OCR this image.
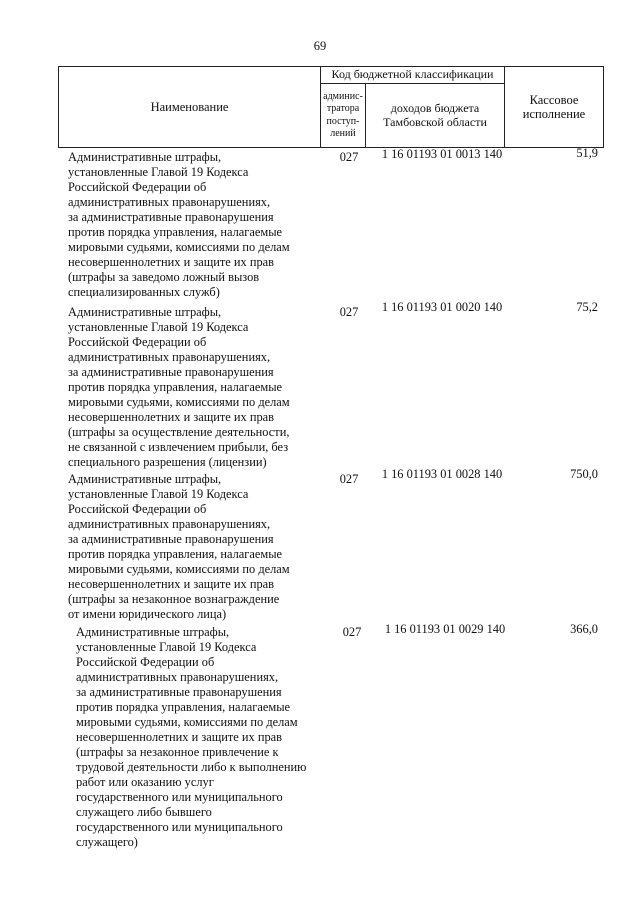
69
Наименование
Код бюджетной классификации
админис-
тратора
поступ-
лений
доходов бюджета
Тамбовской области
Кассовое
исполнение
Административные штрафы,
установленные Главой 19 Кодекса
Российской Федерации об
административных правонарушениях,
за административные правонарушения
против порядка управления, налагаемые
мировыми судьями, комиссиями по делам
несовершеннолетних и защите их прав
(штрафы за заведомо ложный вызов
специализированных служб)
027	1 16 01193 01 0013 140	51,9
Административные штрафы,
установленные Главой 19 Кодекса
Российской Федерации об
административных правонарушениях,
за административные правонарушения
против порядка управления, налагаемые
мировыми судьями, комиссиями по делам
несовершеннолетних и защите их прав
(штрафы за осуществление деятельности,
не связанной с извлечением прибыли, без
специального разрешения (лицензии)
027	1 16 01193 01 0020 140	75,2
Административные штрафы,
установленные Главой 19 Кодекса
Российской Федерации об
административных правонарушениях,
за административные правонарушения
против порядка управления, налагаемые
мировыми судьями, комиссиями по делам
несовершеннолетних и защите их прав
(штрафы за незаконное вознаграждение
от имени юридического лица)
027	1 16 01193 01 0028 140	750,0
Административные штрафы,
установленные Главой 19 Кодекса
Российской Федерации об
административных правонарушениях,
за административные правонарушения
против порядка управления, налагаемые
мировыми судьями, комиссиями по делам
несовершеннолетних и защите их прав
(штрафы за незаконное привлечение к
трудовой деятельности либо к выполнению
работ или оказанию услуг
государственного или муниципального
служащего либо бывшего
государственного или муниципального
служащего)
027	1 16 01193 01 0029 140	366,0
